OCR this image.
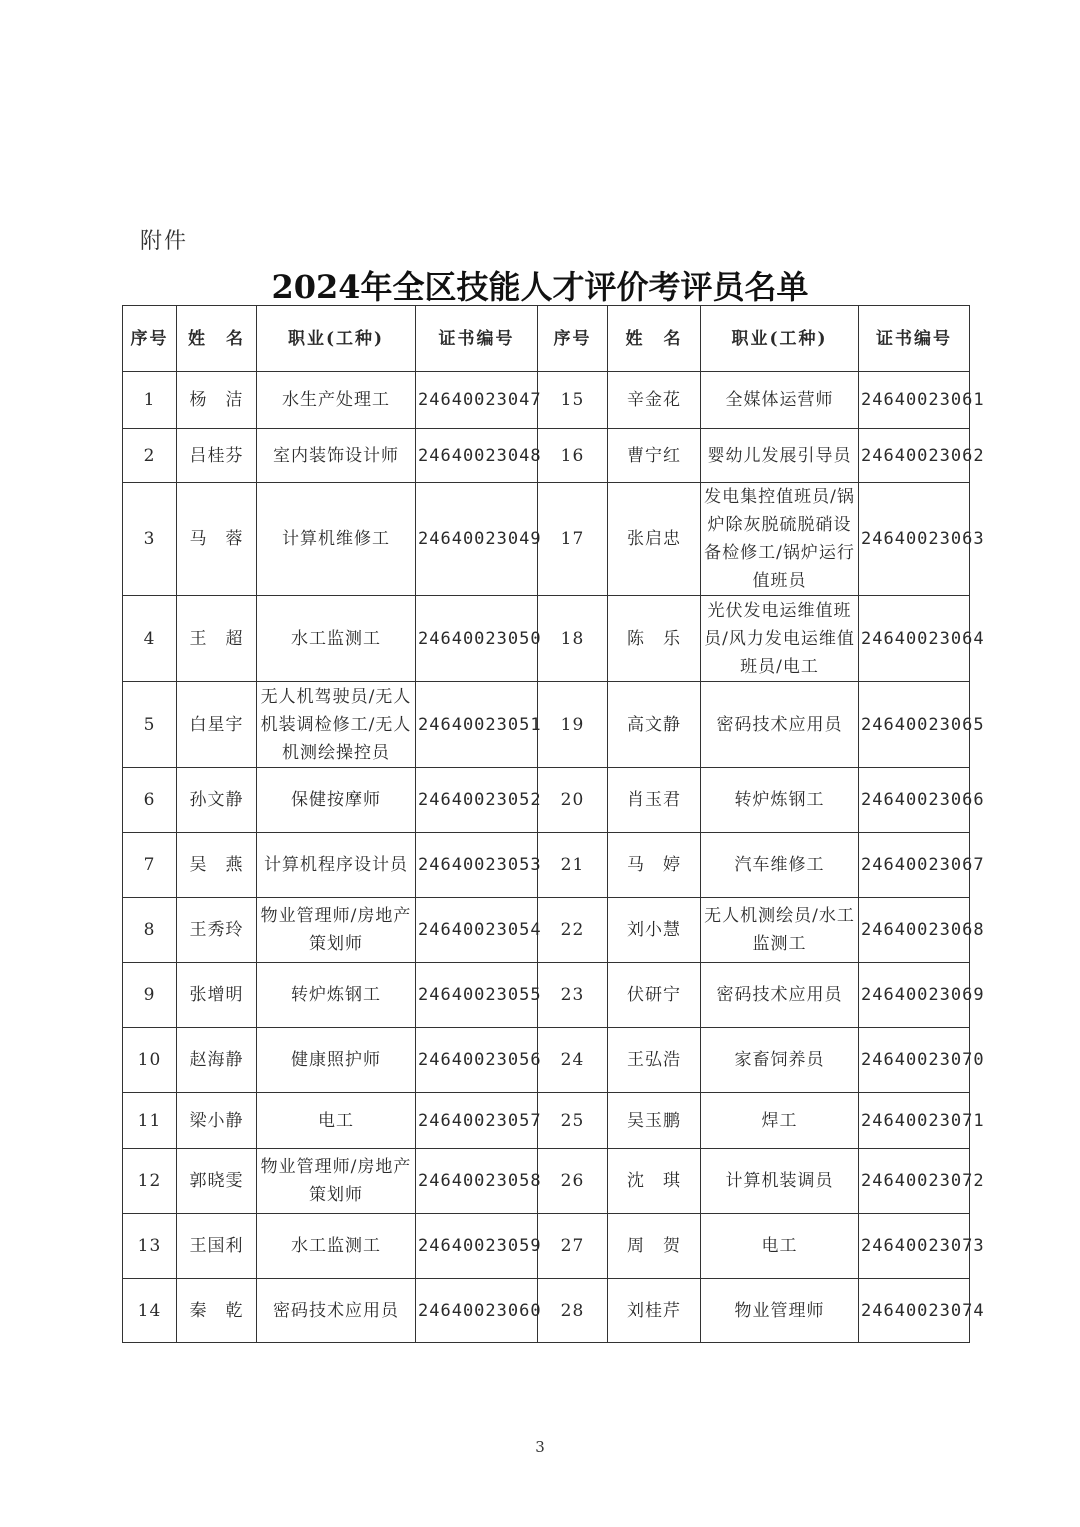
附件
2024年全区技能人才评价考评员名单
序号	姓　名	职业(工种)	证书编号	序号	姓　名	职业(工种)	证书编号
1	杨　洁	水生产处理工	24640023047	15	辛金花	全媒体运营师	24640023061
2	吕桂芬	室内装饰设计师	24640023048	16	曹宁红	婴幼儿发展引导员	24640023062
3	马　蓉	计算机维修工	24640023049	17	张启忠	发电集控值班员/锅炉除灰脱硫脱硝设备检修工/锅炉运行值班员	24640023063
4	王　超	水工监测工	24640023050	18	陈　乐	光伏发电运维值班员/风力发电运维值班员/电工	24640023064
5	白星宇	无人机驾驶员/无人机装调检修工/无人机测绘操控员	24640023051	19	高文静	密码技术应用员	24640023065
6	孙文静	保健按摩师	24640023052	20	肖玉君	转炉炼钢工	24640023066
7	吴　燕	计算机程序设计员	24640023053	21	马　婷	汽车维修工	24640023067
8	王秀玲	物业管理师/房地产策划师	24640023054	22	刘小慧	无人机测绘员/水工监测工	24640023068
9	张增明	转炉炼钢工	24640023055	23	伏研宁	密码技术应用员	24640023069
10	赵海静	健康照护师	24640023056	24	王弘浩	家畜饲养员	24640023070
11	梁小静	电工	24640023057	25	吴玉鹏	焊工	24640023071
12	郭晓雯	物业管理师/房地产策划师	24640023058	26	沈　琪	计算机装调员	24640023072
13	王国利	水工监测工	24640023059	27	周　贺	电工	24640023073
14	秦　乾	密码技术应用员	24640023060	28	刘桂芹	物业管理师	24640023074
3
